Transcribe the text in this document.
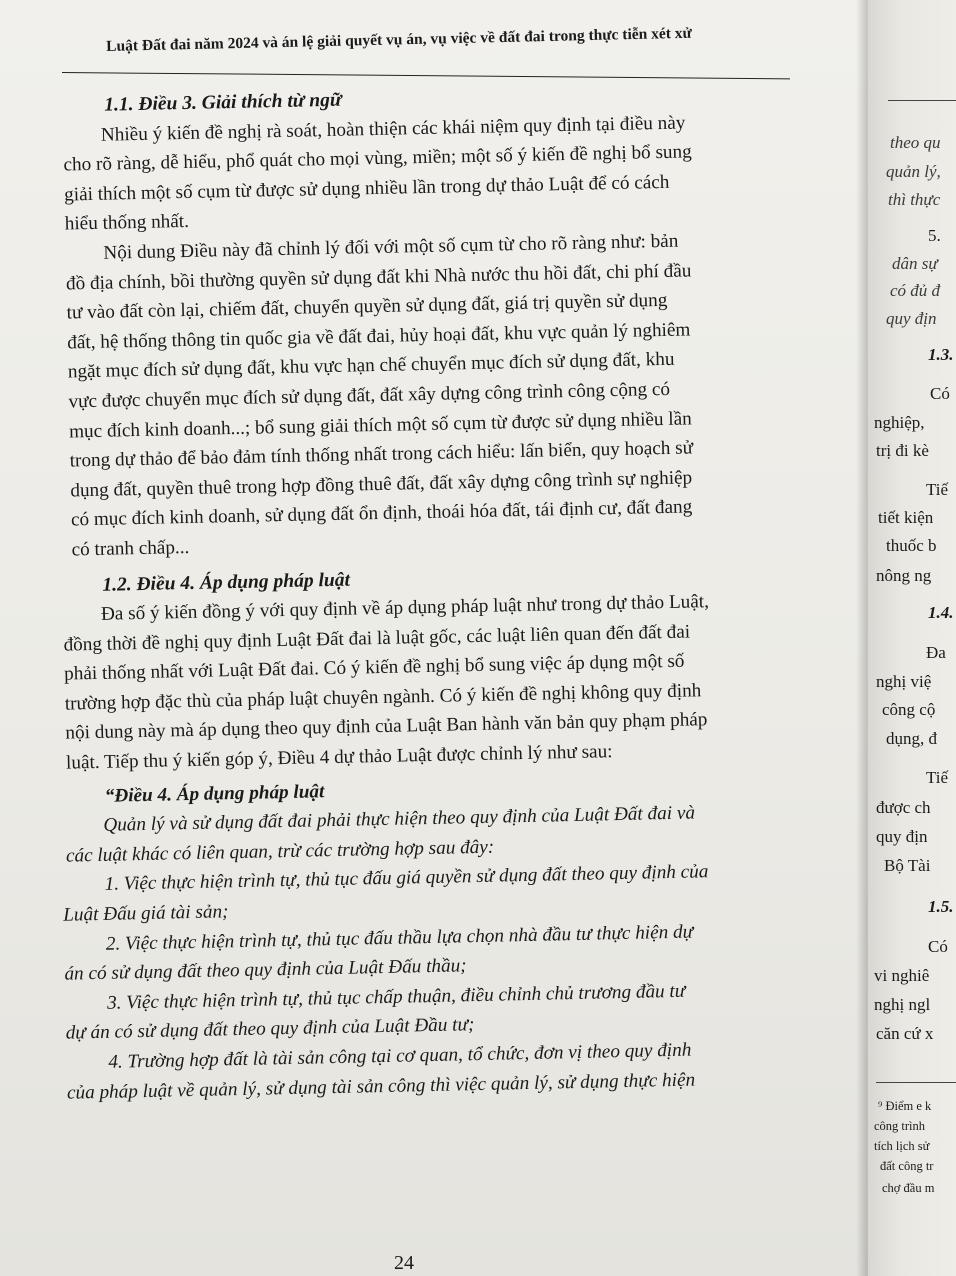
Luật Đất đai năm 2024 và án lệ giải quyết vụ án, vụ việc về đất đai trong thực tiễn xét xử
1.1. Điều 3. Giải thích từ ngữ
Nhiều ý kiến đề nghị rà soát, hoàn thiện các khái niệm quy định tại điều này
cho rõ ràng, dễ hiểu, phổ quát cho mọi vùng, miền; một số ý kiến đề nghị bổ sung
giải thích một số cụm từ được sử dụng nhiều lần trong dự thảo Luật để có cách
hiểu thống nhất.
Nội dung Điều này đã chỉnh lý đối với một số cụm từ cho rõ ràng như: bản
đồ địa chính, bồi thường quyền sử dụng đất khi Nhà nước thu hồi đất, chi phí đầu
tư vào đất còn lại, chiếm đất, chuyển quyền sử dụng đất, giá trị quyền sử dụng
đất, hệ thống thông tin quốc gia về đất đai, hủy hoại đất, khu vực quản lý nghiêm
ngặt mục đích sử dụng đất, khu vực hạn chế chuyển mục đích sử dụng đất, khu
vực được chuyển mục đích sử dụng đất, đất xây dựng công trình công cộng có
mục đích kinh doanh...; bổ sung giải thích một số cụm từ được sử dụng nhiều lần
trong dự thảo để bảo đảm tính thống nhất trong cách hiểu: lấn biển, quy hoạch sử
dụng đất, quyền thuê trong hợp đồng thuê đất, đất xây dựng công trình sự nghiệp
có mục đích kinh doanh, sử dụng đất ổn định, thoái hóa đất, tái định cư, đất đang
có tranh chấp...
1.2. Điều 4. Áp dụng pháp luật
Đa số ý kiến đồng ý với quy định về áp dụng pháp luật như trong dự thảo Luật,
đồng thời đề nghị quy định Luật Đất đai là luật gốc, các luật liên quan đến đất đai
phải thống nhất với Luật Đất đai. Có ý kiến đề nghị bổ sung việc áp dụng một số
trường hợp đặc thù của pháp luật chuyên ngành. Có ý kiến đề nghị không quy định
nội dung này mà áp dụng theo quy định của Luật Ban hành văn bản quy phạm pháp
luật. Tiếp thu ý kiến góp ý, Điều 4 dự thảo Luật được chỉnh lý như sau:
“Điều 4. Áp dụng pháp luật
Quản lý và sử dụng đất đai phải thực hiện theo quy định của Luật Đất đai và
các luật khác có liên quan, trừ các trường hợp sau đây:
1. Việc thực hiện trình tự, thủ tục đấu giá quyền sử dụng đất theo quy định của
Luật Đấu giá tài sản;
2. Việc thực hiện trình tự, thủ tục đấu thầu lựa chọn nhà đầu tư thực hiện dự
án có sử dụng đất theo quy định của Luật Đấu thầu;
3. Việc thực hiện trình tự, thủ tục chấp thuận, điều chỉnh chủ trương đầu tư
dự án có sử dụng đất theo quy định của Luật Đầu tư;
4. Trường hợp đất là tài sản công tại cơ quan, tổ chức, đơn vị theo quy định
của pháp luật về quản lý, sử dụng tài sản công thì việc quản lý, sử dụng thực hiện
24
theo qu
quản lý,
thì thực
5.
dân sự
có đủ đ
quy địn
1.3.
Có
nghiệp,
trị đi kè
Tiế
tiết kiện
thuốc b
nông ng
1.4.
Đa
nghị việ
công cộ
dụng, đ
Tiế
được ch
quy địn
Bộ Tài
1.5.
Có
vi nghiê
nghị ngl
căn cứ x
⁹ Điểm e k
công trình
tích lịch sử
đất công tr
chợ đầu m
